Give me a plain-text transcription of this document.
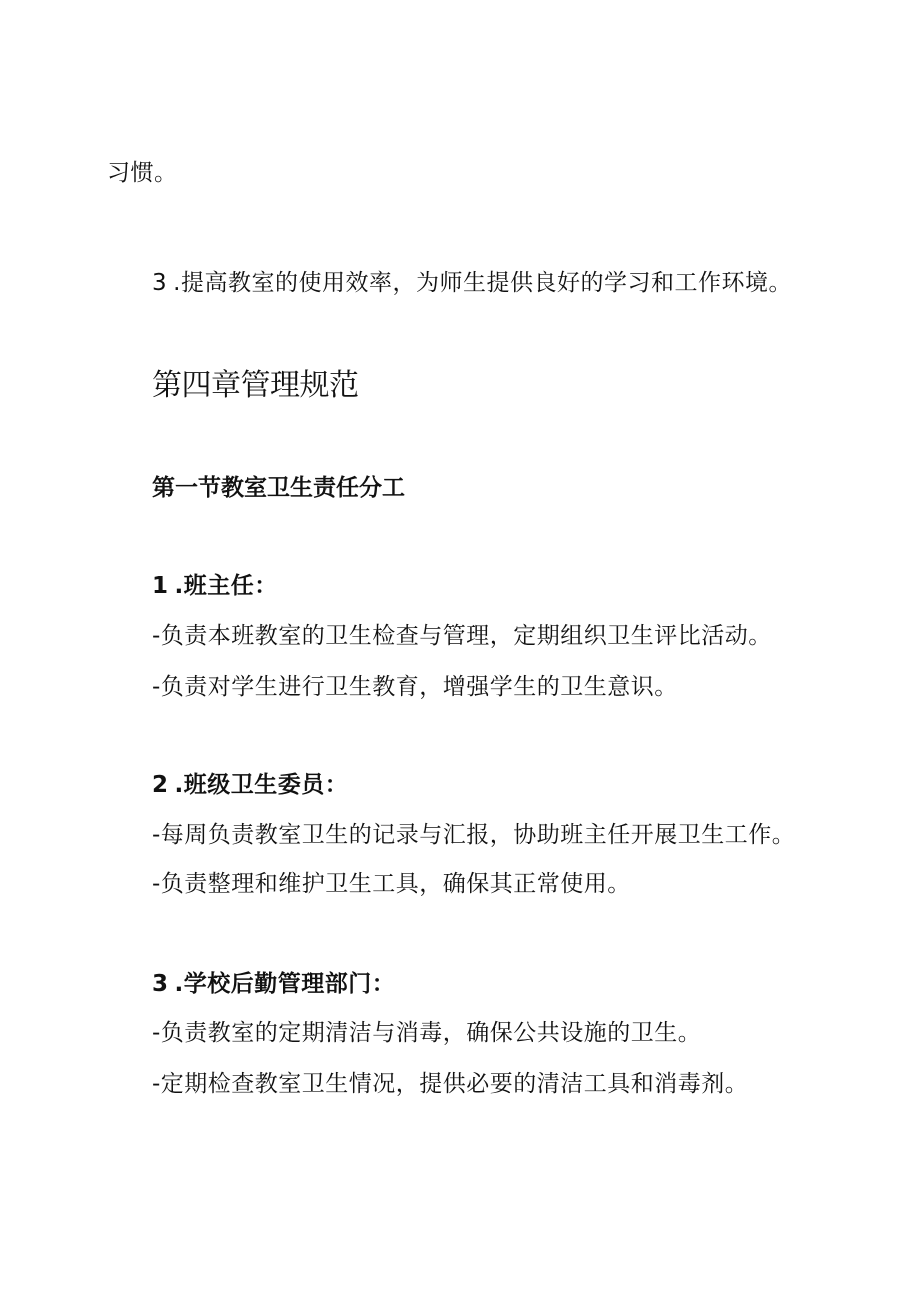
习惯。
3 .提高教室的使用效率，为师生提供良好的学习和工作环境。
第四章管理规范
第一节教室卫生责任分工
1 .班主任：
-负责本班教室的卫生检查与管理，定期组织卫生评比活动。
-负责对学生进行卫生教育，增强学生的卫生意识。
2 .班级卫生委员：
-每周负责教室卫生的记录与汇报，协助班主任开展卫生工作。
-负责整理和维护卫生工具，确保其正常使用。
3 .学校后勤管理部门：
-负责教室的定期清洁与消毒，确保公共设施的卫生。
-定期检查教室卫生情况，提供必要的清洁工具和消毒剂。
